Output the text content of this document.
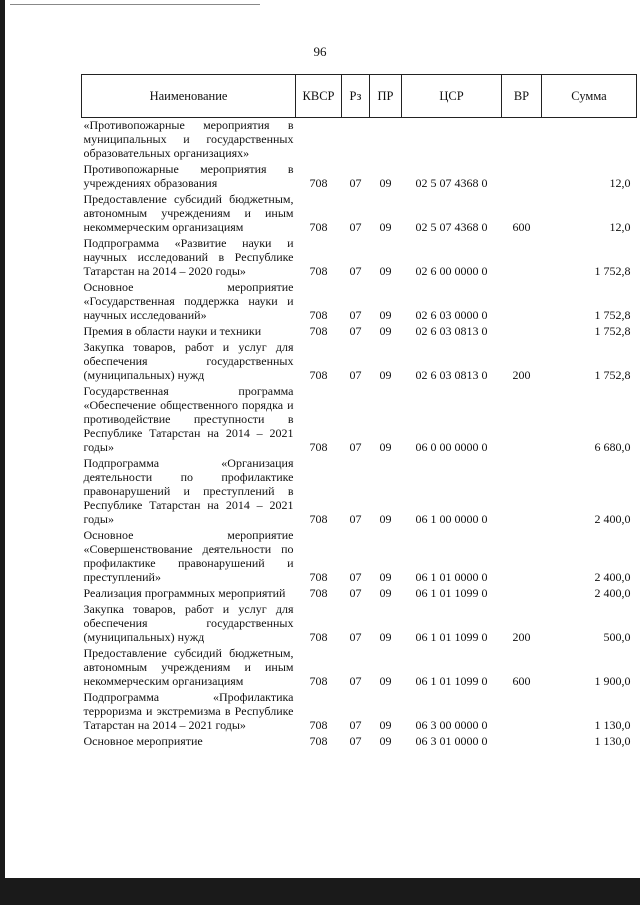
96
Наименование	КВСР	Рз	ПР	ЦСР	ВР	Сумма
«Противопожарные мероприятия в муниципальных и государственных образовательных организациях»						
Противопожарные мероприятия в учреждениях образования	708	07	09	02 5 07 4368 0		12,0
Предоставление субсидий бюджетным, автономным учреждениям и иным некоммерческим организациям	708	07	09	02 5 07 4368 0	600	12,0
Подпрограмма «Развитие науки и научных исследований в Республике Татарстан на 2014 – 2020 годы»	708	07	09	02 6 00 0000 0		1 752,8
Основное мероприятие «Государственная поддержка науки и научных исследований»	708	07	09	02 6 03 0000 0		1 752,8
Премия в области науки и техники	708	07	09	02 6 03 0813 0		1 752,8
Закупка товаров, работ и услуг для обеспечения государственных (муниципальных) нужд	708	07	09	02 6 03 0813 0	200	1 752,8
Государственная программа «Обеспечение общественного порядка и противодействие преступности в Республике Татарстан на 2014 – 2021 годы»	708	07	09	06 0 00 0000 0		6 680,0
Подпрограмма «Организация деятельности по профилактике правонарушений и преступлений в Республике Татарстан на 2014 – 2021 годы»	708	07	09	06 1 00 0000 0		2 400,0
Основное мероприятие «Совершенствование деятельности по профилактике правонарушений и преступлений»	708	07	09	06 1 01 0000 0		2 400,0
Реализация программных мероприятий	708	07	09	06 1 01 1099 0		2 400,0
Закупка товаров, работ и услуг для обеспечения государственных (муниципальных) нужд	708	07	09	06 1 01 1099 0	200	500,0
Предоставление субсидий бюджетным, автономным учреждениям и иным некоммерческим организациям	708	07	09	06 1 01 1099 0	600	1 900,0
Подпрограмма «Профилактика терроризма и экстремизма в Республике Татарстан на 2014 – 2021 годы»	708	07	09	06 3 00 0000 0		1 130,0
Основное мероприятие	708	07	09	06 3 01 0000 0		1 130,0
